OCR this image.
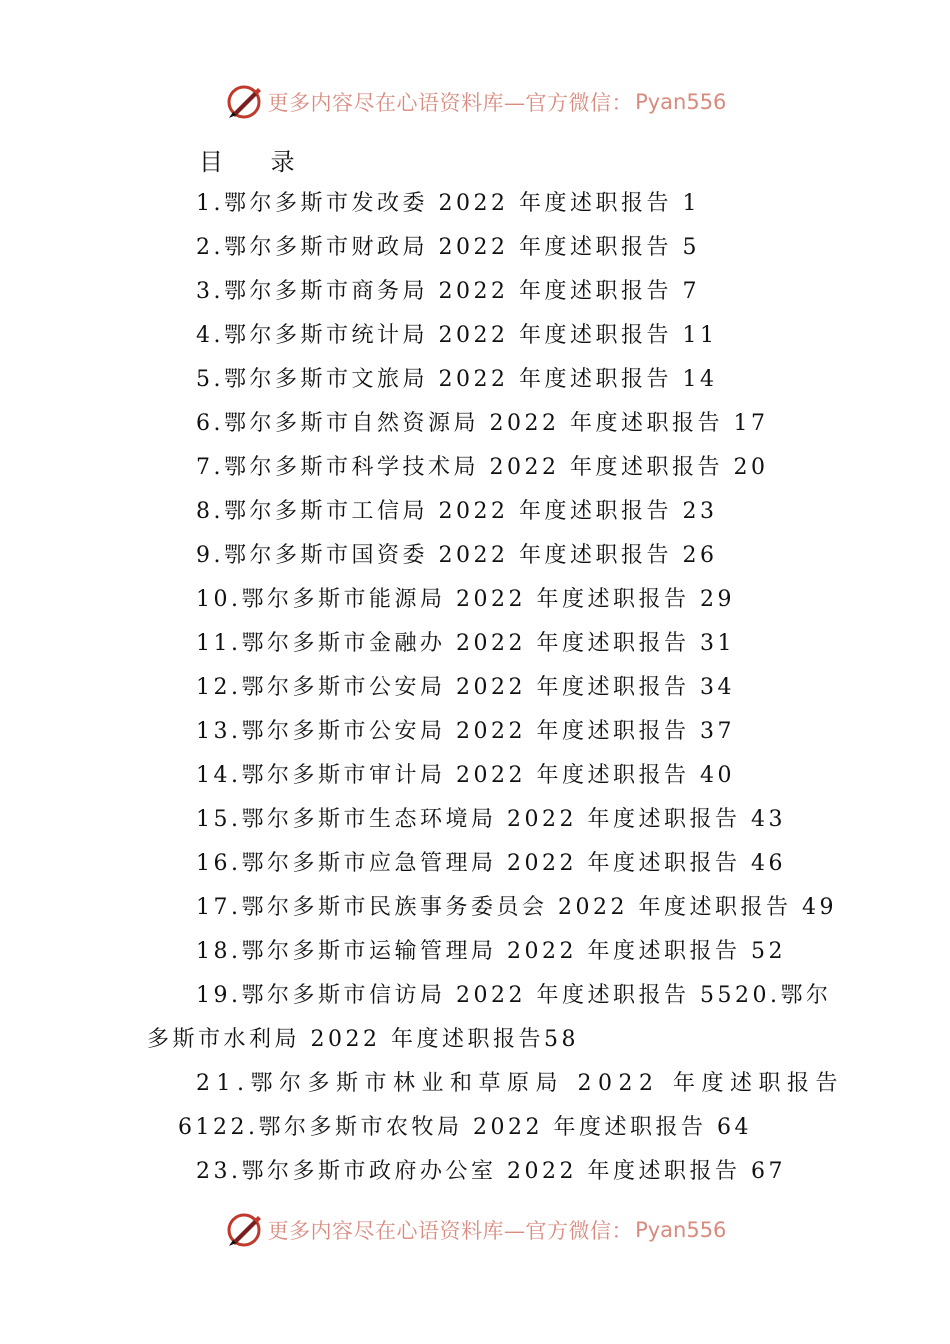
更多内容尽在心语资料库—官方微信： Pyan556
目 录
1.鄂尔多斯市发改委 2022 年度述职报告 1
2.鄂尔多斯市财政局 2022 年度述职报告 5
3.鄂尔多斯市商务局 2022 年度述职报告 7
4.鄂尔多斯市统计局 2022 年度述职报告 11
5.鄂尔多斯市文旅局 2022 年度述职报告 14
6.鄂尔多斯市自然资源局 2022 年度述职报告 17
7.鄂尔多斯市科学技术局 2022 年度述职报告 20
8.鄂尔多斯市工信局 2022 年度述职报告 23
9.鄂尔多斯市国资委 2022 年度述职报告 26
10.鄂尔多斯市能源局 2022 年度述职报告 29
11.鄂尔多斯市金融办 2022 年度述职报告 31
12.鄂尔多斯市公安局 2022 年度述职报告 34
13.鄂尔多斯市公安局 2022 年度述职报告 37
14.鄂尔多斯市审计局 2022 年度述职报告 40
15.鄂尔多斯市生态环境局 2022 年度述职报告 43
16.鄂尔多斯市应急管理局 2022 年度述职报告 46
17.鄂尔多斯市民族事务委员会 2022 年度述职报告 49
18.鄂尔多斯市运输管理局 2022 年度述职报告 52
19.鄂尔多斯市信访局 2022 年度述职报告 5520.鄂尔
多斯市水利局 2022 年度述职报告58
21.鄂尔多斯市林业和草原局 2022 年度述职报告
6122.鄂尔多斯市农牧局 2022 年度述职报告 64
23.鄂尔多斯市政府办公室 2022 年度述职报告 67
更多内容尽在心语资料库—官方微信： Pyan556
